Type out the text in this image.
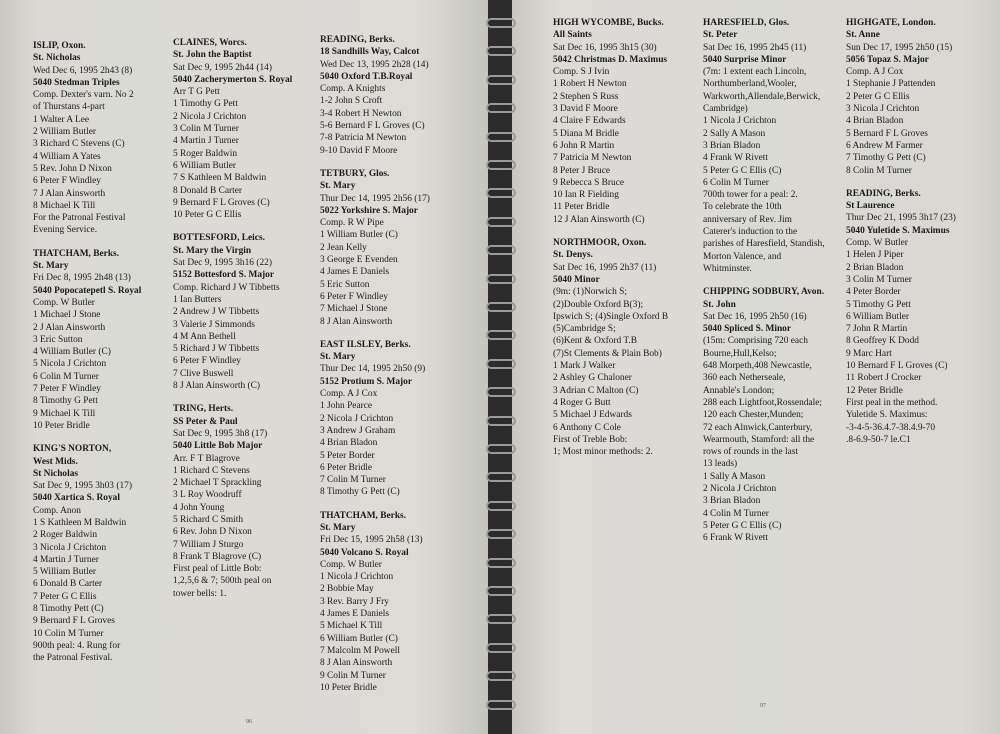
ISLIP, Oxon.
St. Nicholas
Wed Dec 6, 1995 2h43 (8)
5040 Stedman Triples
Comp. Dexter's varn. No 2
of Thurstans 4-part
1 Walter A Lee
2 William Butler
3 Richard C Stevens (C)
4 William A Yates
5 Rev. John D Nixon
6 Peter F Windley
7 J Alan Ainsworth
8 Michael K Till
For the Patronal Festival
Evening Service.
THATCHAM, Berks.
St. Mary
Fri Dec 8, 1995 2h48 (13)
5040 Popocatepetl S. Royal
Comp. W Butler
1 Michael J Stone
2 J Alan Ainsworth
3 Eric Sutton
4 William Butler (C)
5 Nicola J Crichton
6 Colin M Turner
7 Peter F Windley
8 Timothy G Pett
9 Michael K Till
10 Peter Bridle
KING'S NORTON,
West Mids.
St Nicholas
Sat Dec 9, 1995 3h03 (17)
5040 Xartica S. Royal
Comp. Anon
1 S Kathleen M Baldwin
2 Roger Baldwin
3 Nicola J Crichton
4 Martin J Turner
5 William Butler
6 Donald B Carter
7 Peter G C Ellis
8 Timothy Pett (C)
9 Bernard F L Groves
10 Colin M Turner
900th peal: 4. Rung for
the Patronal Festival.
CLAINES, Worcs.
St. John the Baptist
Sat Dec 9, 1995 2h44 (14)
5040 Zacherymerton S. Royal
Arr T G Pett
1 Timothy G Pett
2 Nicola J Crichton
3 Colin M Turner
4 Martin J Turner
5 Roger Baldwin
6 William Butler
7 S Kathleen M Baldwin
8 Donald B Carter
9 Bernard F L Groves (C)
10 Peter G C Ellis
BOTTESFORD, Leics.
St. Mary the Virgin
Sat Dec 9, 1995 3h16 (22)
5152 Bottesford S. Major
Comp. Richard J W Tibbetts
1 Ian Butters
2 Andrew J W Tibbetts
3 Valerie J Simmonds
4 M Ann Bethell
5 Richard J W Tibbetts
6 Peter F Windley
7 Clive Buswell
8 J Alan Ainsworth (C)
TRING, Herts.
SS Peter & Paul
Sat Dec 9, 1995 3h8 (17)
5040 Little Bob Major
Arr. F T Blagrove
1 Richard C Stevens
2 Michael T Sprackling
3 L Roy Woodruff
4 John Young
5 Richard C Smith
6 Rev. John D Nixon
7 William J Sturgo
8 Frank T Blagrove (C)
First peal of Little Bob:
1,2,5,6 & 7; 500th peal on
tower bells: 1.
READING, Berks.
18 Sandhills Way, Calcot
Wed Dec 13, 1995 2h28 (14)
5040 Oxford T.B.Royal
Comp. A Knights
1-2 John S Croft
3-4 Robert H Newton
5-6 Bernard F L Groves (C)
7-8 Patricia M Newton
9-10 David F Moore
TETBURY, Glos.
St. Mary
Thur Dec 14, 1995 2h56 (17)
5022 Yorkshire S. Major
Comp. R W Pipe
1 William Butler (C)
2 Jean Kelly
3 George E Evenden
4 James E Daniels
5 Eric Sutton
6 Peter F Windley
7 Michael J Stone
8 J Alan Ainsworth
EAST ILSLEY, Berks.
St. Mary
Thur Dec 14, 1995 2h50 (9)
5152 Protium S. Major
Comp. A J Cox
1 John Pearce
2 Nicola J Crichton
3 Andrew J Graham
4 Brian Bladon
5 Peter Border
6 Peter Bridle
7 Colin M Turner
8 Timothy G Pett (C)
THATCHAM, Berks.
St. Mary
Fri Dec 15, 1995 2h58 (13)
5040 Volcano S. Royal
Comp. W Butler
1 Nicola J Crichton
2 Bobbie May
3 Rev. Barry J Fry
4 James E Daniels
5 Michael K Till
6 William Butler (C)
7 Malcolm M Powell
8 J Alan Ainsworth
9 Colin M Turner
10 Peter Bridle
HIGH WYCOMBE, Bucks.
All Saints
Sat Dec 16, 1995 3h15 (30)
5042 Christmas D. Maximus
Comp. S J Ivin
1 Robert H Newton
2 Stephen S Russ
3 David F Moore
4 Claire F Edwards
5 Diana M Bridle
6 John R Martin
7 Patricia M Newton
8 Peter J Bruce
9 Rebecca S Bruce
10 Ian R Fielding
11 Peter Bridle
12 J Alan Ainsworth (C)
NORTHMOOR, Oxon.
St. Denys.
Sat Dec 16, 1995 2h37 (11)
5040 Minor
(9m: (1)Norwich S;
(2)Double Oxford B(3);
Ipswich S; (4)Single Oxford B
(5)Cambridge S;
(6)Kent & Oxford T.B
(7)St Clements & Plain Bob)
1 Mark J Walker
2 Ashley G Chaloner
3 Adrian C Malton (C)
4 Roger G Butt
5 Michael J Edwards
6 Anthony C Cole
First of Treble Bob:
1; Most minor methods: 2.
HARESFIELD, Glos.
St. Peter
Sat Dec 16, 1995 2h45 (11)
5040 Surprise Minor
(7m: 1 extent each Lincoln,
Northumberland,Wooler,
Warkworth,Allendale,Berwick,
Cambridge)
1 Nicola J Crichton
2 Sally A Mason
3 Brian Bladon
4 Frank W Rivett
5 Peter G C Ellis (C)
6 Colin M Turner
700th tower for a peal: 2.
To celebrate the 10th
anniversary of Rev. Jim
Caterer's induction to the
parishes of Haresfield, Standish,
Morton Valence, and
Whitminster.
CHIPPING SODBURY, Avon.
St. John
Sat Dec 16, 1995 2h50 (16)
5040 Spliced S. Minor
(15m: Comprising 720 each
Bourne,Hull,Kelso;
648 Morpeth,408 Newcastle,
360 each Netherseale,
Annable's London;
288 each Lightfoot,Rossendale;
120 each Chester,Munden;
72 each Alnwick,Canterbury,
Wearmouth, Stamford: all the
rows of rounds in the last
13 leads)
1 Sally A Mason
2 Nicola J Crichton
3 Brian Bladon
4 Colin M Turner
5 Peter G C Ellis (C)
6 Frank W Rivett
HIGHGATE, London.
St. Anne
Sun Dec 17, 1995 2h50 (15)
5056 Topaz S. Major
Comp. A J Cox
1 Stephanie J Pattenden
2 Peter G C Ellis
3 Nicola J Crichton
4 Brian Bladon
5 Bernard F L Groves
6 Andrew M Farmer
7 Timothy G Pett (C)
8 Colin M Turner
READING, Berks.
St Laurence
Thur Dec 21, 1995 3h17 (23)
5040 Yuletide S. Maximus
Comp. W Butler
1 Helen J Piper
2 Brian Bladon
3 Colin M Turner
4 Peter Border
5 Timothy G Pett
6 William Butler
7 John R Martin
8 Geoffrey K Dodd
9 Marc Hart
10 Bernard F L Groves (C)
11 Robert J Crocker
12 Peter Bridle
First peal in the method.
Yuletide S. Maximus:
-3-4-5-36.4.7-38.4.9-70
.8-6.9-50-7 le.C1
96
97
